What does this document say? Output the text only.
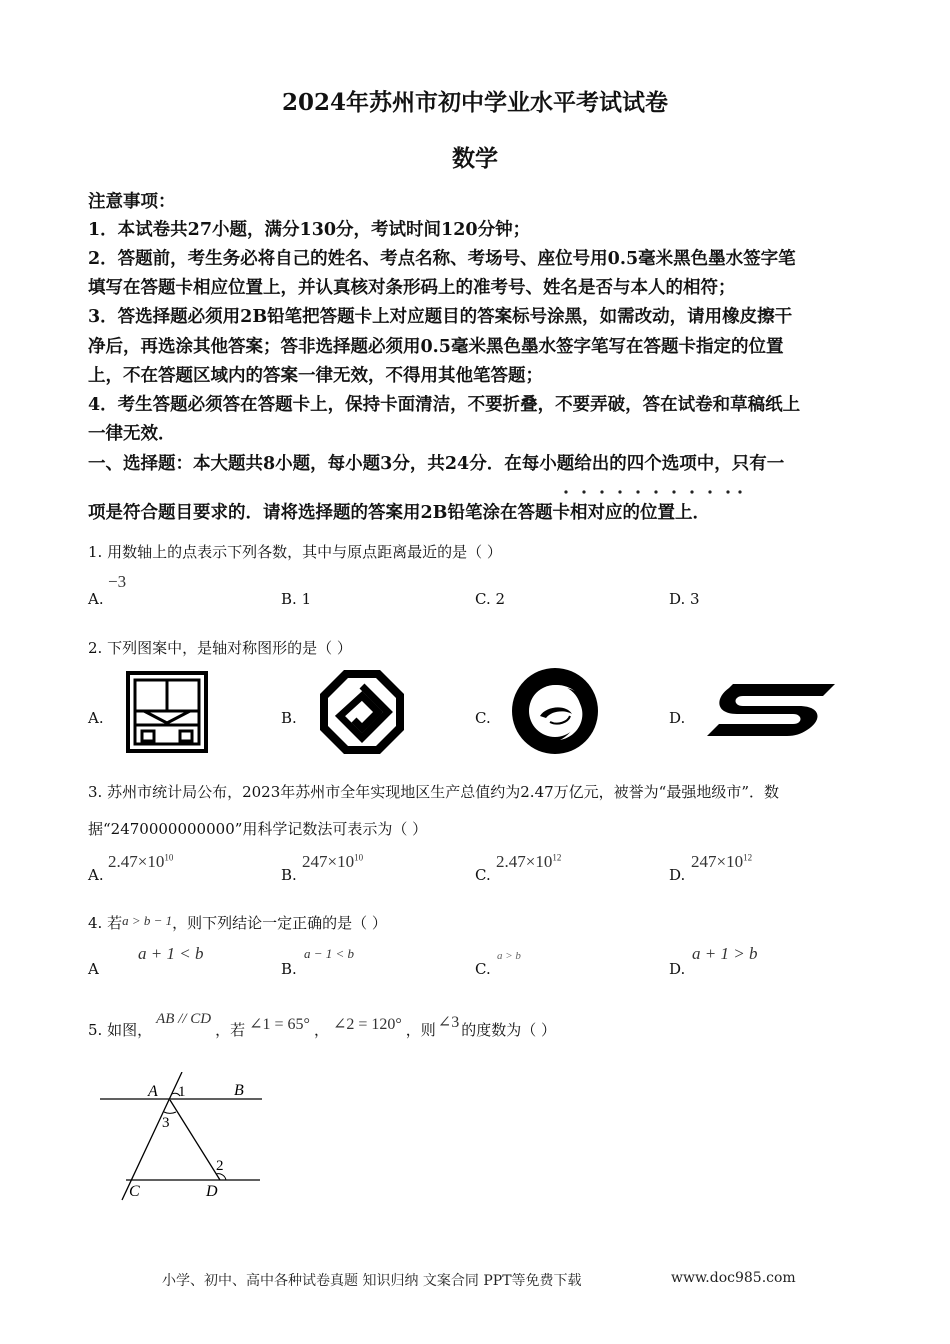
2024年苏州市初中学业水平考试试卷
数学
注意事项：
1．本试卷共27小题，满分130分，考试时间120分钟；
2．答题前，考生务必将自己的姓名、考点名称、考场号、座位号用0.5毫米黑色墨水签字笔
填写在答题卡相应位置上，并认真核对条形码上的准考号、姓名是否与本人的相符；
3．答选择题必须用2B铅笔把答题卡上对应题目的答案标号涂黑，如需改动，请用橡皮擦干
净后，再选涂其他答案；答非选择题必须用0.5毫米黑色墨水签字笔写在答题卡指定的位置
上，不在答题区域内的答案一律无效，不得用其他笔答题；
4．考生答题必须答在答题卡上，保持卡面清洁，不要折叠，不要弄破，答在试卷和草稿纸上
一律无效．
一、选择题：本大题共8小题，每小题3分，共24分．在每小题给出的四个选项中，只有一
项是符合题目要求的．请将选择题的答案用2B铅笔涂在答题卡相对应的位置上．
1. 用数轴上的点表示下列各数，其中与原点距离最近的是（ ）
A.
−3
B. 1	C. 2	D. 3
2. 下列图案中，是轴对称图形的是（ ）
A.	B.	C.	D.
3. 苏州市统计局公布，2023年苏州市全年实现地区生产总值约为2.47万亿元，被誉为“最强地级市”．数
据“2470000000000”用科学记数法可表示为（ ）
A.
$2.47\times 10^{10}$
B.
$247\times 10^{10}$
C.
$2.47\times 10^{12}$
D.
$247\times 10^{12}$
4. 若a > b − 1，则下列结论一定正确的是（ ）
A
a + 1 < b
B.
a − 1 < b
C.
a > b
D.
a + 1 > b
5. 如图，AB // CD，若 ∠1 = 65° ， ∠2 = 120° ，则 ∠3 的度数为（ ）
A 1	B
3
2
C	D
小学、初中、高中各种试卷真题 知识归纳 文案合同 PPT等免费下载	www.doc985.com
